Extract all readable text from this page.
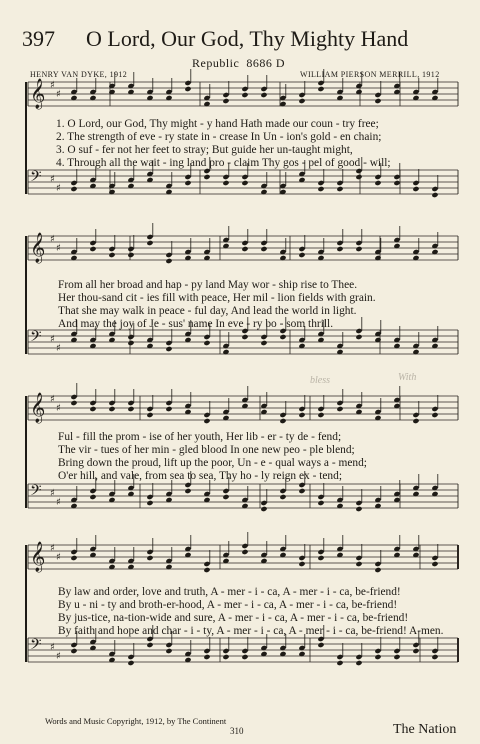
397 O Lord, Our God, Thy Mighty Hand
Republic 8686 D
HENRY VAN DYKE, 1912	WILLIAM PIERSON MERRILL, 1912
𝄞 ♯
♯
𝄢 ♯
♯
1. O Lord, our God, Thy might - y hand Hath made our coun - try free;
2. The strength of eve - ry state in - crease In Un - ion's gold - en chain;
3. O suf - fer not her feet to stray; But guide her un-taught might,
4. Through all the wait - ing land pro - claim Thy gos - pel of good - will;
𝄞 ♯
♯
𝄢 ♯
♯
From all her broad and hap - py land May wor - ship rise to Thee.
Her thou-sand cit - ies fill with peace, Her mil - lion fields with grain.
That she may walk in peace - ful day, And lead the world in light.
And may the joy of Je - sus' name In eve - ry bo - som thrill.
𝄞 ♯
♯
𝄢 ♯
♯
Ful - fill the prom - ise of her youth, Her lib - er - ty de - fend;
The vir - tues of her min - gled blood In one new peo - ple blend;
Bring down the proud, lift up the poor, Un - e - qual ways a - mend;
O'er hill, and vale, from sea to sea, Thy ho - ly reign ex - tend;
𝄞 ♯
♯
𝄢 ♯
♯
By law and order, love and truth, A - mer - i - ca, A - mer - i - ca, be-friend!
By u - ni - ty and broth-er-hood, A - mer - i - ca, A - mer - i - ca, be-friend!
By jus-tice, na-tion-wide and sure, A - mer - i - ca, A - mer - i - ca, be-friend!
By faith and hope and char - i - ty, A - mer - i - ca, A - mer - i - ca, be-friend! A-men.
bless	With
Words and Music Copyright, 1912, by The Continent
310	The Nation
